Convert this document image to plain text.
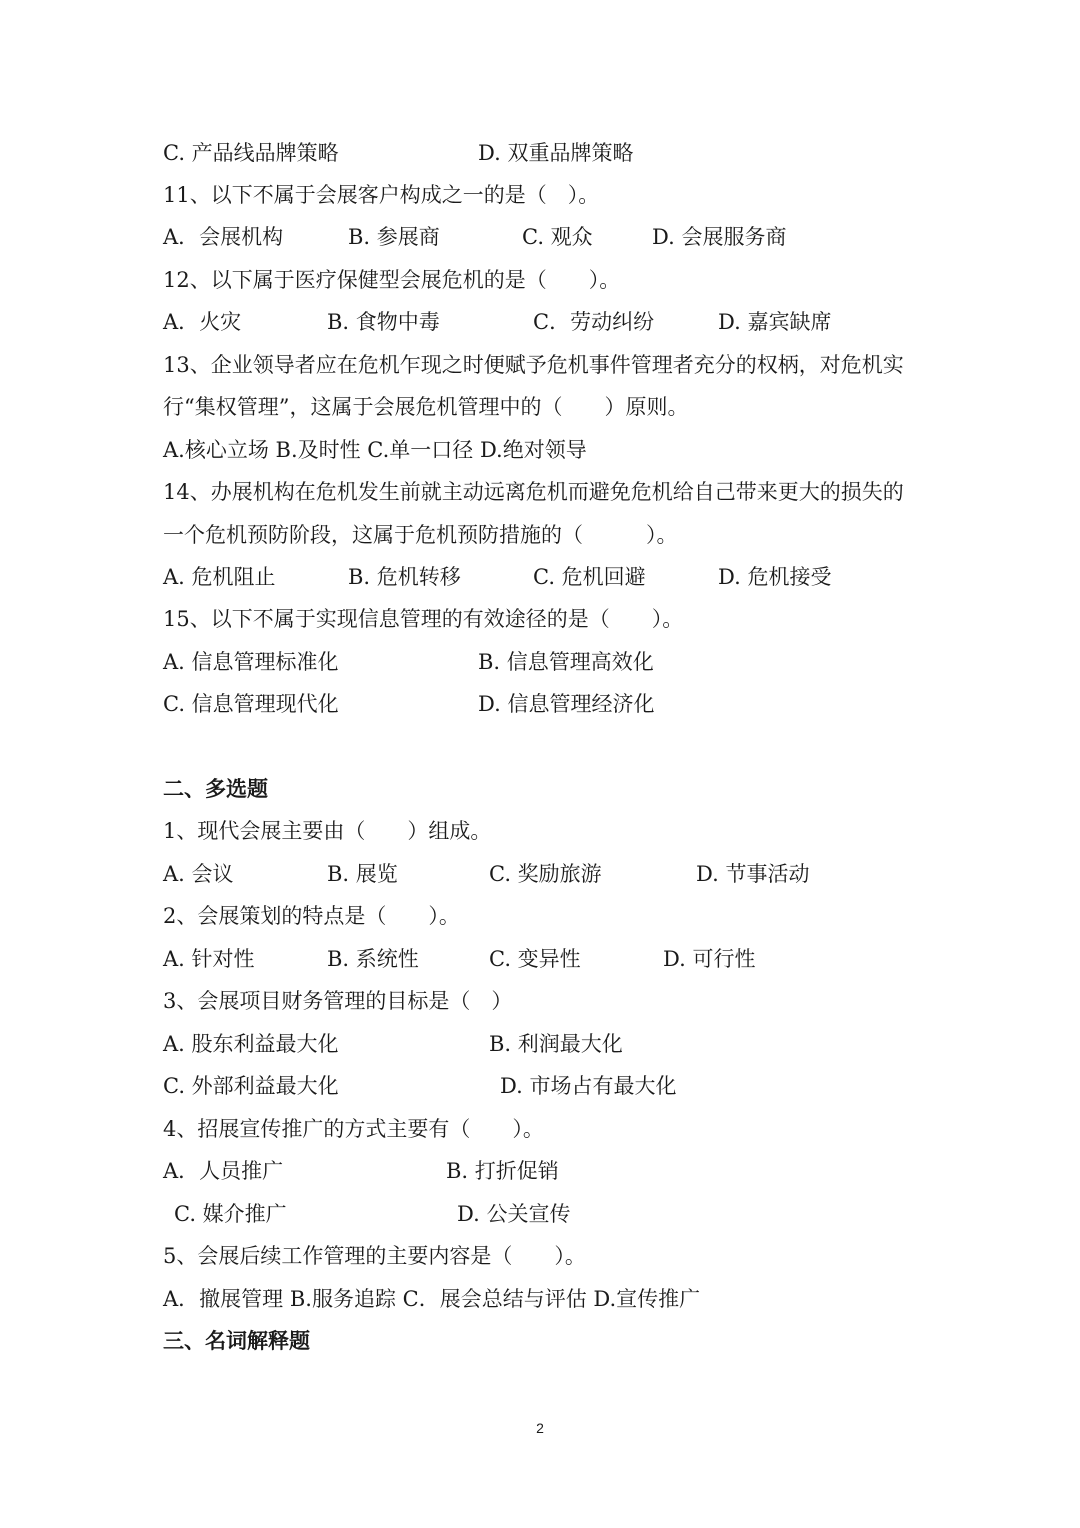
C. 产品线品牌策略	D. 双重品牌策略
11、以下不属于会展客户构成之一的是（　）。
A．会展机构	B. 参展商	C. 观众	D. 会展服务商
12、以下属于医疗保健型会展危机的是（　　）。
A．火灾	B. 食物中毒	C．劳动纠纷	D. 嘉宾缺席
13、企业领导者应在危机乍现之时便赋予危机事件管理者充分的权柄，对危机实
行“集权管理”，这属于会展危机管理中的（　　）原则。
A.核心立场 B.及时性 C.单一口径 D.绝对领导
14、办展机构在危机发生前就主动远离危机而避免危机给自己带来更大的损失的
一个危机预防阶段，这属于危机预防措施的（　　　）。
A. 危机阻止	B. 危机转移	C. 危机回避	D. 危机接受
15、以下不属于实现信息管理的有效途径的是（　　）。
A. 信息管理标准化	B. 信息管理高效化
C. 信息管理现代化	D. 信息管理经济化
二、多选题
1、现代会展主要由（　　）组成。
A. 会议	B. 展览	C. 奖励旅游	D. 节事活动
2、会展策划的特点是（　　）。
A. 针对性	B. 系统性	C. 变异性	D. 可行性
3、会展项目财务管理的目标是（　）
A. 股东利益最大化	B. 利润最大化
C. 外部利益最大化	D. 市场占有最大化
4、招展宣传推广的方式主要有（　　）。
A．人员推广	B. 打折促销
C. 媒介推广	D. 公关宣传
5、会展后续工作管理的主要内容是（　　）。
A．撤展管理 B.服务追踪 C．展会总结与评估 D.宣传推广
三、名词解释题
2
